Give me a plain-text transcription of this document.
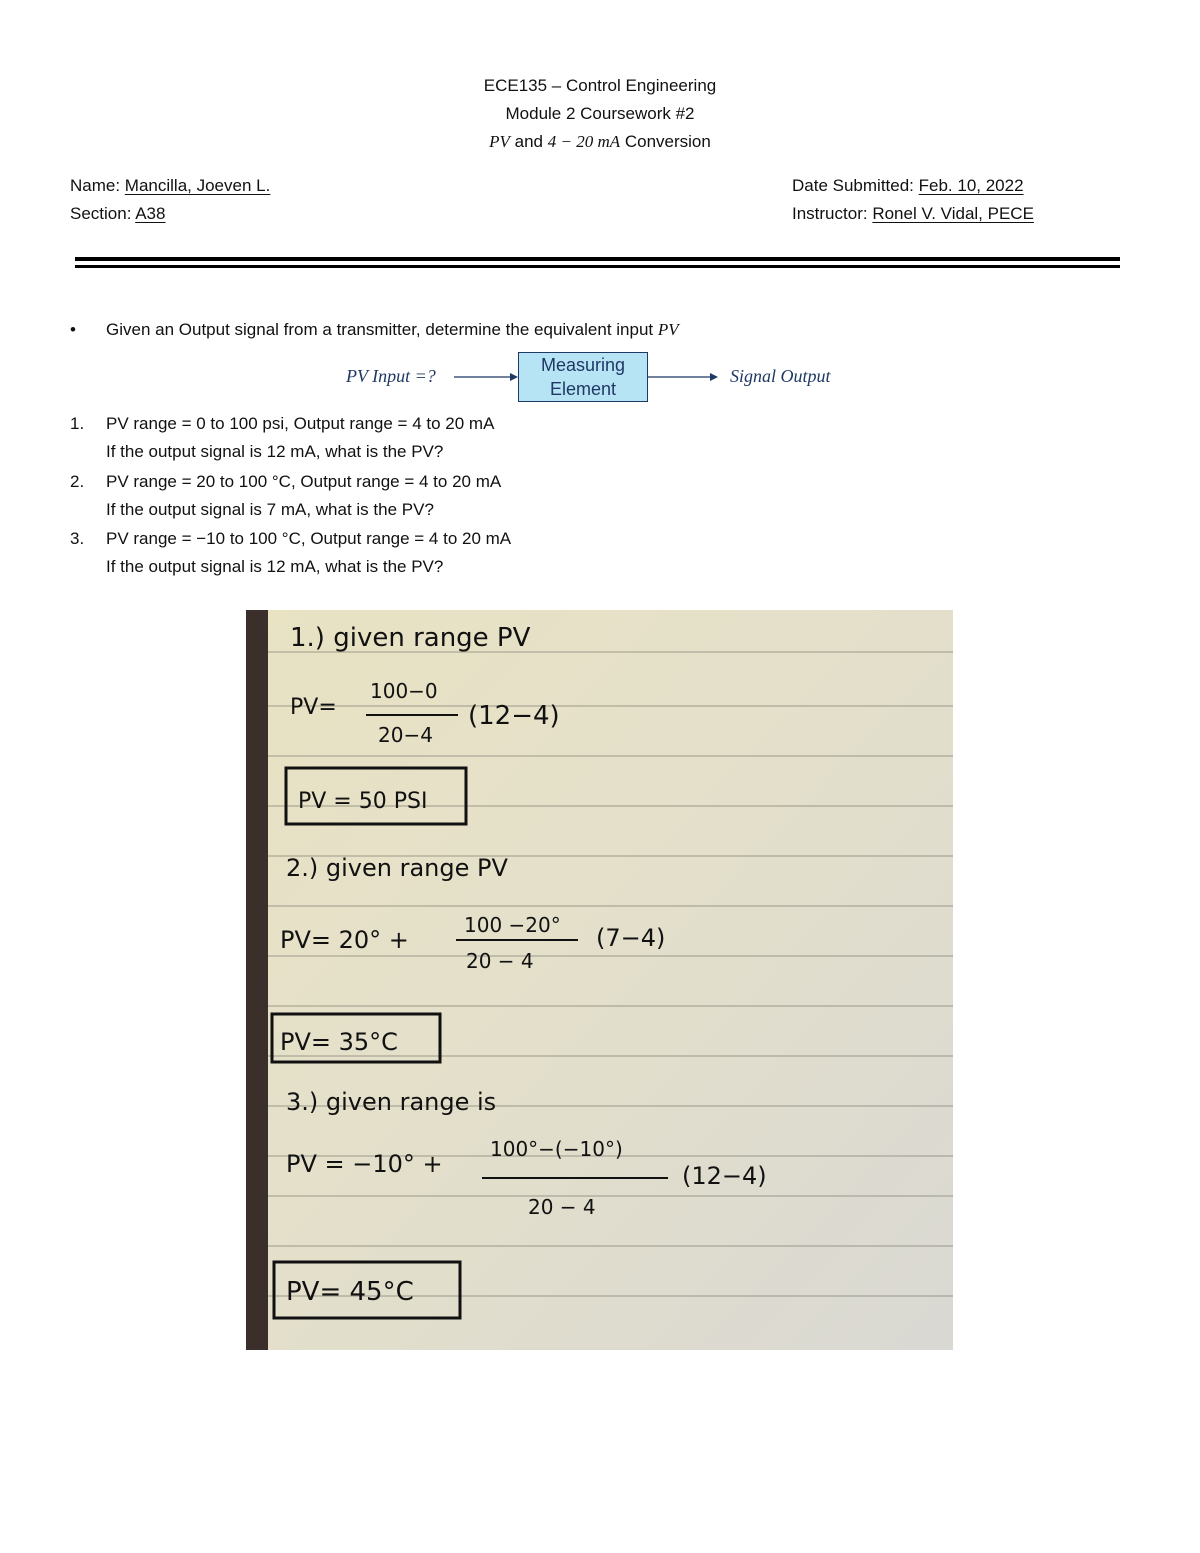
ECE135 – Control Engineering
Module 2 Coursework #2
PV and 4 − 20 mA Conversion
Name: Mancilla, Joeven L.
Section: A38
Date Submitted: Feb. 10, 2022
Instructor: Ronel V. Vidal, PECE
• Given an Output signal from a transmitter, determine the equivalent input PV
PV Input =?
Measuring
Element
Signal Output
1. PV range = 0 to 100 psi, Output range = 4 to 20 mA
If the output signal is 12 mA, what is the PV?
2. PV range = 20 to 100 °C, Output range = 4 to 20 mA
If the output signal is 7 mA, what is the PV?
3. PV range = −10 to 100 °C, Output range = 4 to 20 mA
If the output signal is 12 mA, what is the PV?
1.) given range PV
PV=
100−0
20−4
(12−4)
PV = 50 PSI
2.) given range PV
PV= 20° +
100 −20°
20 − 4
(7−4)
PV= 35°C
3.) given range is
PV = −10° +
100°−(−10°)
20 − 4
(12−4)
PV= 45°C
